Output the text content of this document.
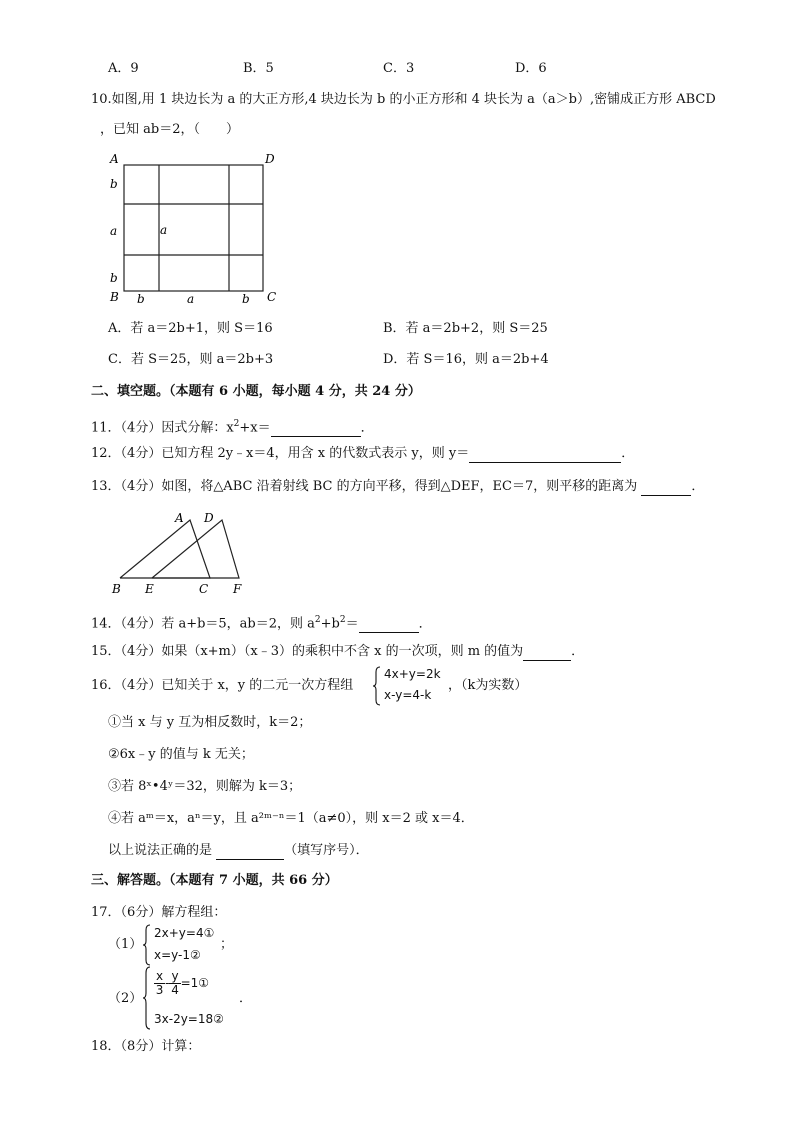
A．9	B．5	C．3	D．6
10.如图,用 1 块边长为 a 的大正方形,4 块边长为 b 的小正方形和 4 块长为 a（a＞b）,密铺成正方形 ABCD
，已知 ab＝2，（　　）
A	D
B	C
b
a
b
a
b	a	b
A．若 a＝2b+1，则 S＝16	B．若 a＝2b+2，则 S＝25
C．若 S＝25，则 a＝2b+3	D．若 S＝16，则 a＝2b+4
二、填空题。（本题有 6 小题，每小题 4 分，共 24 分）
11．（4分）因式分解：$x^2+x=$	．
12．（4分）已知方程 2y﹣x＝4，用含 x 的代数式表示 y，则 y＝	．
13．（4分）如图，将△ABC 沿着射线 BC 的方向平移，得到△DEF，EC＝7，则平移的距离为	．
A D
B E	C F
14．（4分）若 a+b＝5，ab＝2，则 $a^2+b^2=$	．
15．（4分）如果（x+m）（x﹣3）的乘积中不含 x 的一次项，则 m 的值为	．
16．（4分）已知关于 x，y 的二元一次方程组
4x+y=2k
x-y=4-k
，（k为实数）
①当 x 与 y 互为相反数时，k＝2；
②6x﹣y 的值与 k 无关；
③若 8ˣ•4ʸ＝32，则解为 k＝3；
④若 aᵐ＝x，aⁿ＝y，且 a²ᵐ⁻ⁿ＝1（a≠0），则 x＝2 或 x＝4．
以上说法正确的是	（填写序号）．
三、解答题。（本题有 7 小题，共 66 分）
17．（6分）解方程组：
（1）
2x+y=4①
x=y-1②
；
（2）
$\frac{x}{3} - \frac{y}{4}$ =1①
3x-2y=18②
．
18．（8分）计算：
